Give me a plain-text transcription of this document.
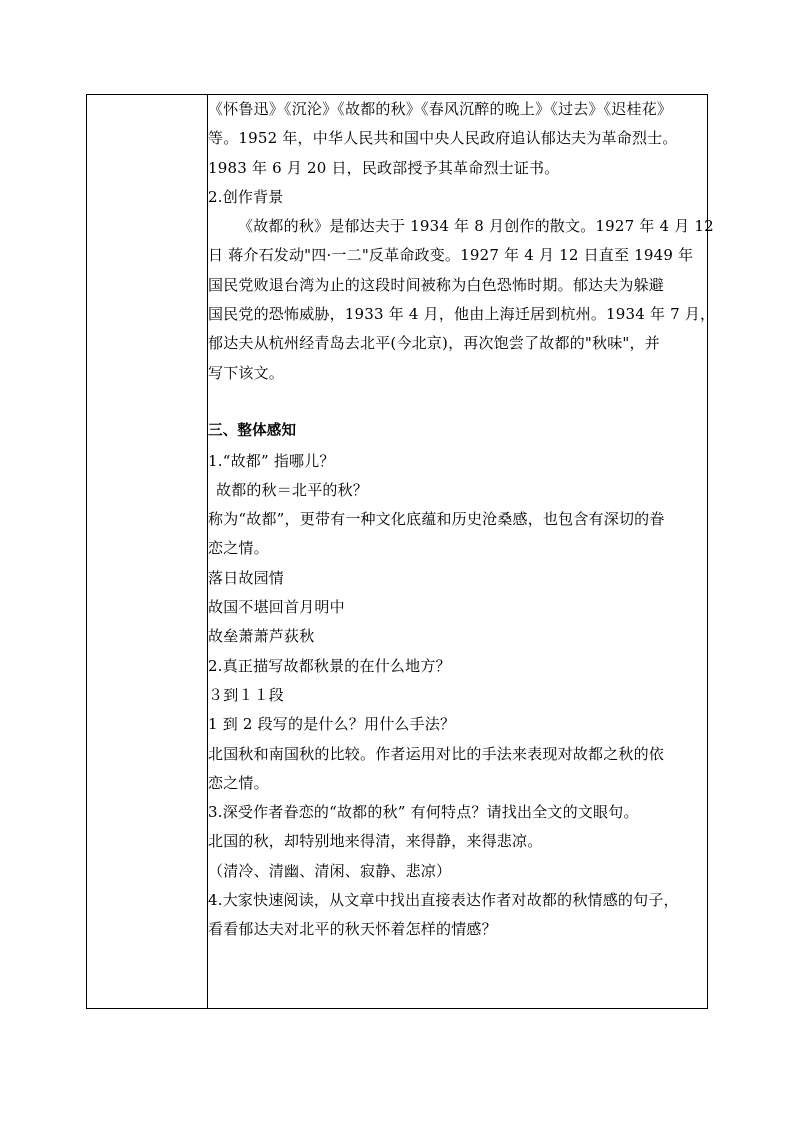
《怀鲁迅》《沉沦》《故都的秋》《春风沉醉的晚上》《过去》《迟桂花》
等。1952 年，中华人民共和国中央人民政府追认郁达夫为革命烈士。
1983 年 6 月 20 日，民政部授予其革命烈士证书。
2.创作背景
《故都的秋》是郁达夫于 1934 年 8 月创作的散文。1927 年 4 月 12
日 蒋介石发动"四·一二"反革命政变。1927 年 4 月 12 日直至 1949 年
国民党败退台湾为止的这段时间被称为白色恐怖时期。郁达夫为躲避
国民党的恐怖威胁，1933 年 4 月，他由上海迁居到杭州。1934 年 7 月，
郁达夫从杭州经青岛去北平(今北京)，再次饱尝了故都的"秋味"，并
写下该文。
三、整体感知
1.“故都” 指哪儿？
故都的秋＝北平的秋？
称为“故都”，更带有一种文化底蕴和历史沧桑感，也包含有深切的眷
恋之情。
落日故园情
故国不堪回首月明中
故垒萧萧芦荻秋
2.真正描写故都秋景的在什么地方？
３到１１段
1 到 2 段写的是什么？用什么手法？
北国秋和南国秋的比较。作者运用对比的手法来表现对故都之秋的依
恋之情。
3.深受作者眷恋的“故都的秋” 有何特点？请找出全文的文眼句。
北国的秋，却特别地来得清，来得静，来得悲凉。
（清冷、清幽、清闲、寂静、悲凉）
4.大家快速阅读，从文章中找出直接表达作者对故都的秋情感的句子，
看看郁达夫对北平的秋天怀着怎样的情感？
